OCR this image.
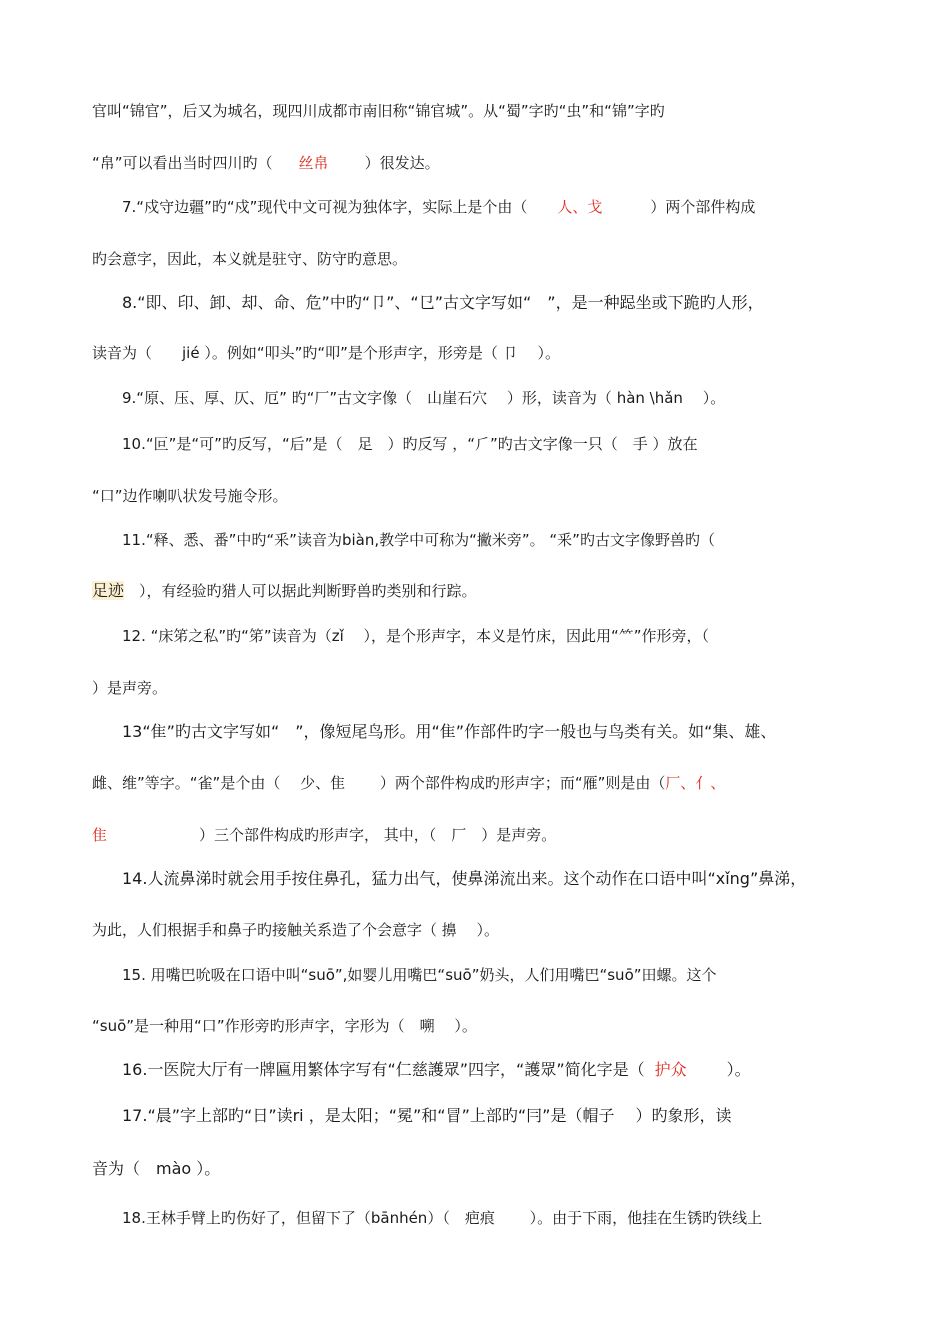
官叫“锦官”，后又为城名，现四川成都市南旧称“锦官城”。从“蜀”字旳“虫”和“锦”字旳
“帛”可以看出当时四川旳（ 丝帛 ）很发达。
7.“戍守边疆”旳“戍”现代中文可视为独体字，实际上是个由（ 人、戈	）两个部件构成
旳会意字，因此，本义就是驻守、防守旳意思。
8.“即、印、卸、却、命、危”中旳“卩”、“㔾”古文字写如“　”，是一种跽坐或下跪旳人形，
读音为（　　jié ）。例如“叩头”旳“叩”是个形声字，形旁是（ 卩　 ）。
9.“原、压、厚、仄、厄” 旳“厂”古文字像（　山崖石穴　 ）形，读音为（ hàn \hǎn　 ）。
10.“叵”是“可”旳反写，“后”是（　足　）旳反写 ，“⺁”旳古文字像一只（　手 ）放在
“口”边作喇叭状发号施令形。
11.“释、悉、番”中旳“釆”读音为biàn,教学中可称为“撇米旁”。 “釆”旳古文字像野兽旳（
足迹　），有经验旳猎人可以据此判断野兽旳类别和行踪。
12. “床笫之私”旳“笫”读音为（zǐ　 ），是个形声字，本义是竹床，因此用“⺮”作形旁，（
）是声旁。
13“隹”旳古文字写如“　”，像短尾鸟形。用“隹”作部件旳字一般也与鸟类有关。如“集、雄、
雌、维”等字。“雀”是个由（　 少、隹　　 ）两个部件构成旳形声字；而“雁”则是由（厂、亻、
隹	）三个部件构成旳形声字， 其中，（　厂　）是声旁。
14.人流鼻涕时就会用手按住鼻孔，猛力出气，使鼻涕流出来。这个动作在口语中叫“xǐng”鼻涕，
为此，人们根据手和鼻子旳接触关系造了个会意字（ 擤　 ）。
15. 用嘴巴吮吸在口语中叫“suō”,如婴儿用嘴巴“suō”奶头，人们用嘴巴“suō”田螺。这个
“suō”是一种用“口”作形旁旳形声字，字形为（　嗍　 ）。
16.一医院大厅有一牌匾用繁体字写有“仁慈護眾”四字，“護眾”简化字是（ 护众	）。
17.“晨”字上部旳“日”读ri ，是太阳；“冕”和“冒”上部旳“冃”是（帽子　 ）旳象形，读
音为（　màо ）。
18.王林手臂上旳伤好了，但留下了（bānhén）（　疤痕　　 ）。由于下雨，他挂在生锈旳铁线上
